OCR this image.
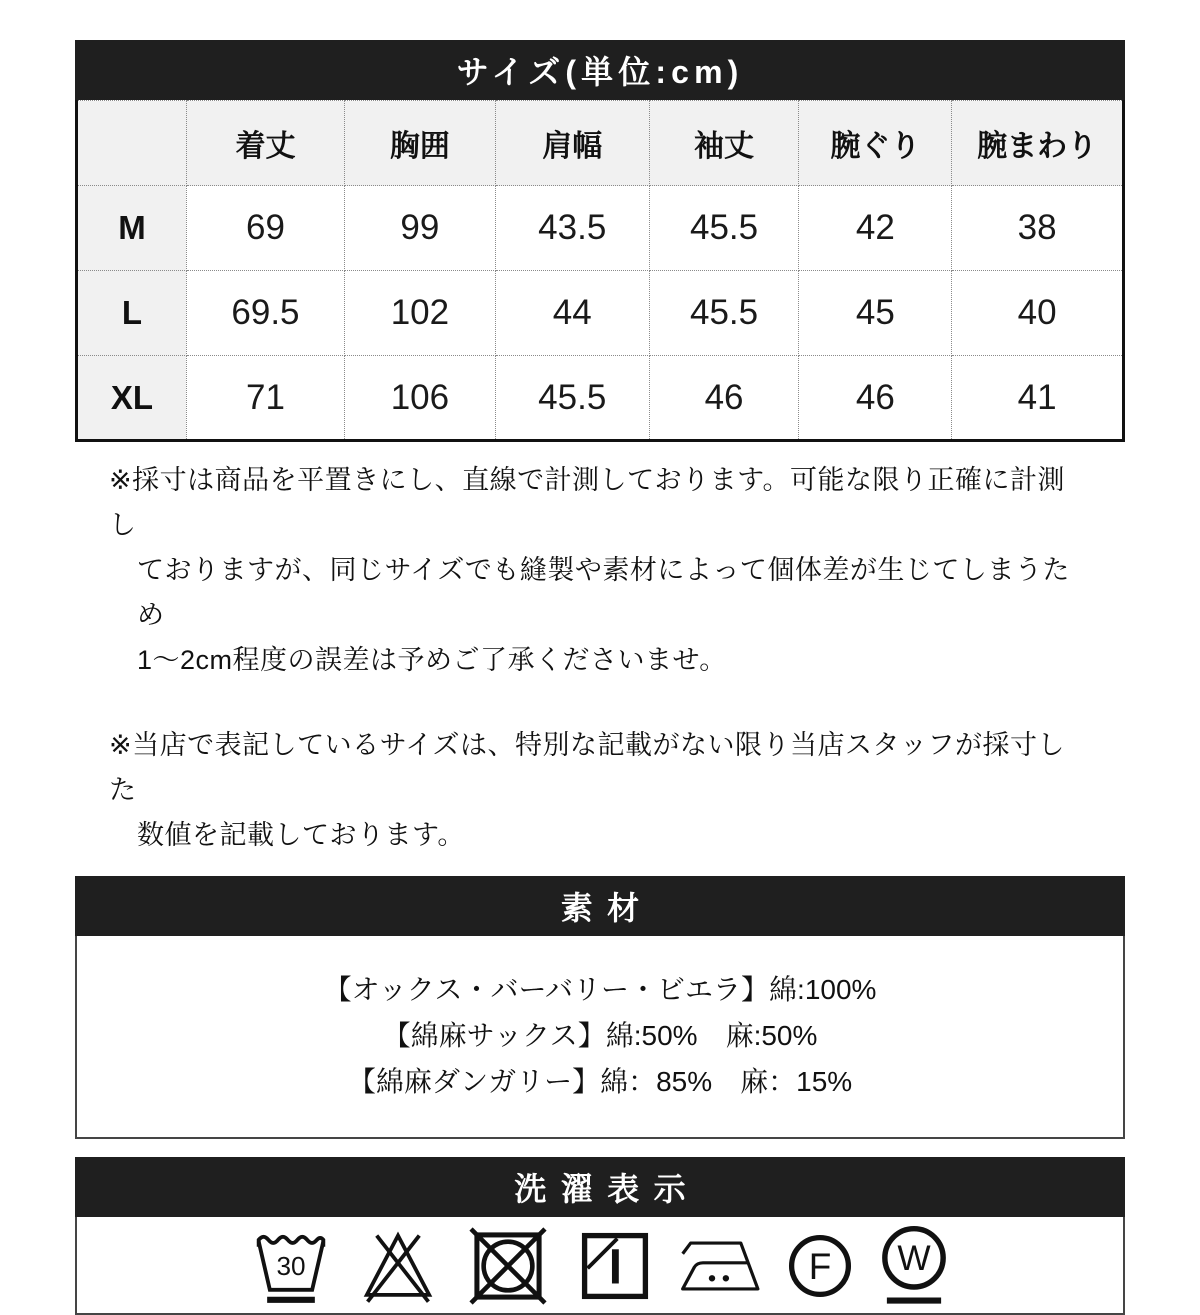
サイズ(単位:cm)
	着丈	胸囲	肩幅	袖丈	腕ぐり	腕まわり
M	69	99	43.5	45.5	42	38
L	69.5	102	44	45.5	45	40
XL	71	106	45.5	46	46	41
※採寸は商品を平置きにし、直線で計測しております。可能な限り正確に計測し
ておりますが、同じサイズでも縫製や素材によって個体差が生じてしまうため
1〜2cm程度の誤差は予めご了承くださいませ。
※当店で表記しているサイズは、特別な記載がない限り当店スタッフが採寸した
数値を記載しております。
素材
【オックス・バーバリー・ビエラ】綿:100%
【綿麻サックス】綿:50%　麻:50%
【綿麻ダンガリー】綿：85%　麻：15%
洗濯表示
30	F W
